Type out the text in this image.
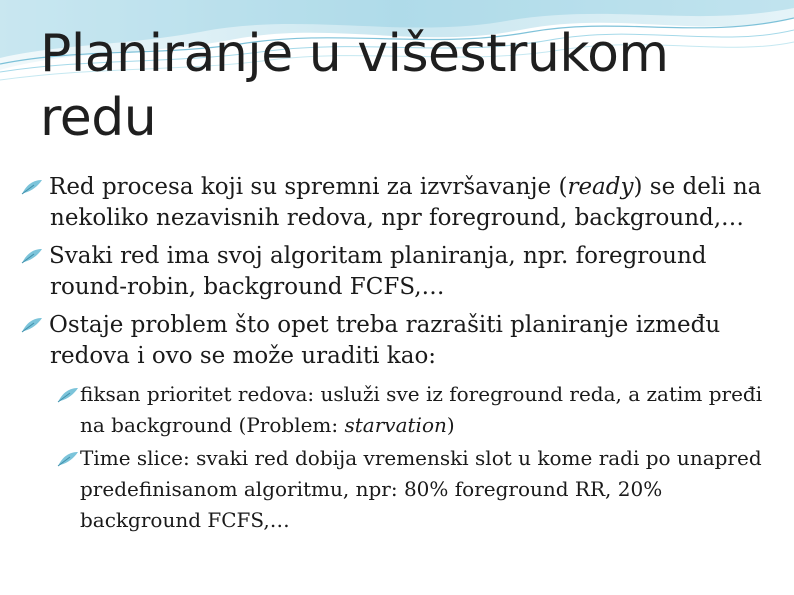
Planiranje u višestrukom
redu
Red procesa koji su spremni za izvršavanje (ready) se deli na nekoliko nezavisnih redova, npr foreground, background,…
Svaki red ima svoj algoritam planiranja, npr. foreground round-robin, background FCFS,…
Ostaje problem što opet treba razrašiti planiranje između redova i ovo se može uraditi kao:
fiksan prioritet redova: usluži sve iz foreground reda, a zatim pređi na background (Problem: starvation)
Time slice: svaki red dobija vremenski slot u kome radi po unapred predefinisanom algoritmu, npr: 80% foreground RR, 20% background FCFS,…
